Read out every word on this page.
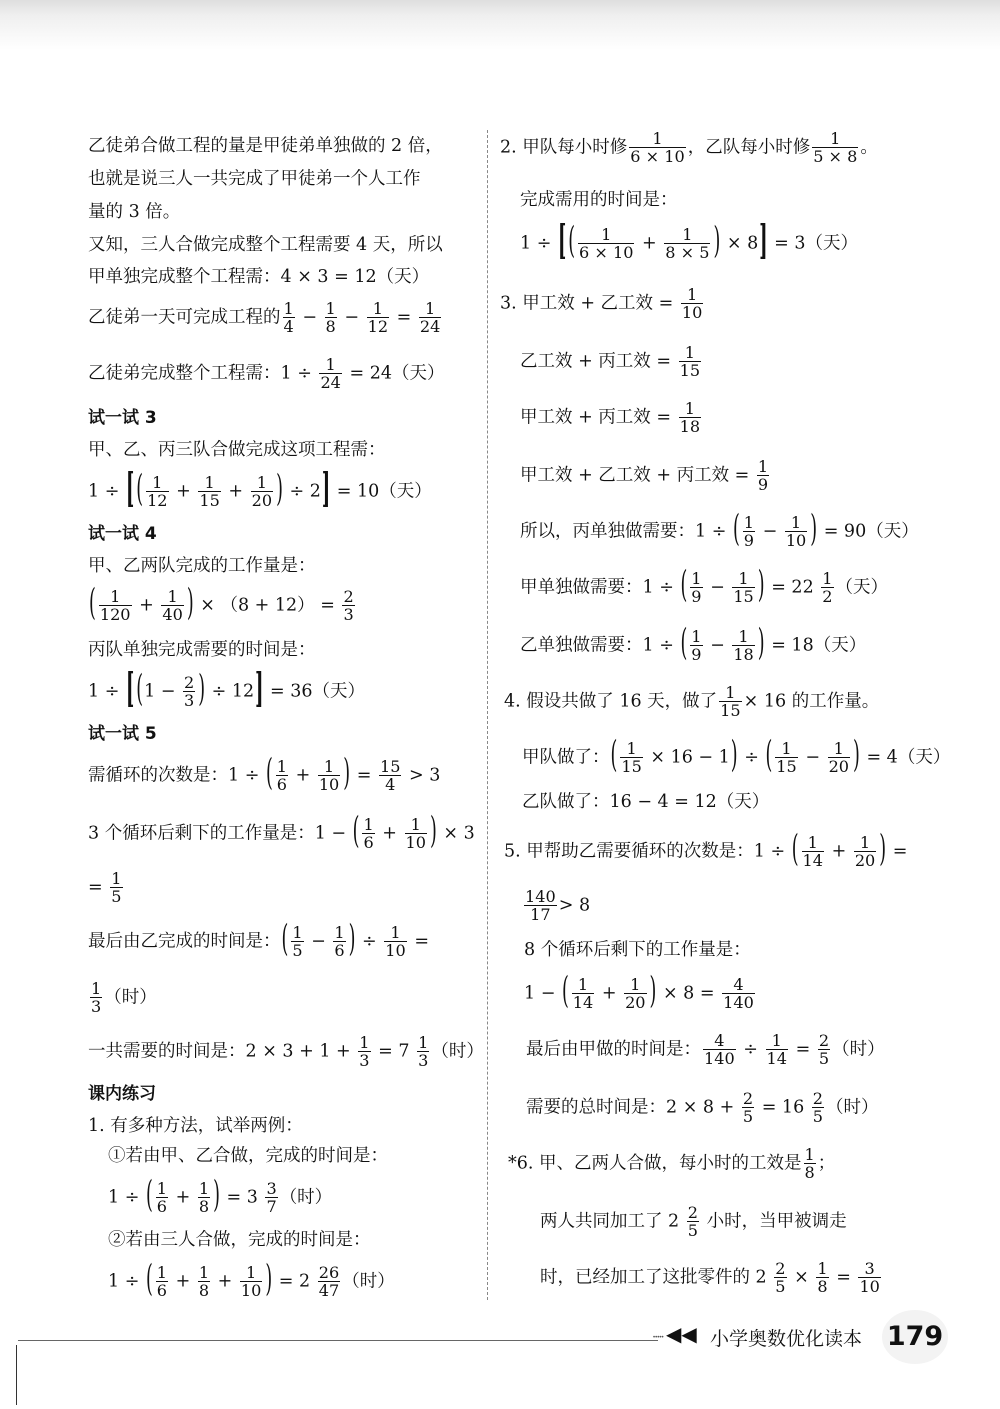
乙徒弟合做工程的量是甲徒弟单独做的 2 倍，
也就是说三人一共完成了甲徒弟一个人工作
量的 3 倍。
又知，三人合做完成整个工程需要 4 天，所以
甲单独完成整个工程需：4 × 3 = 12（天）
乙徒弟一天可完成工程的 $\frac{1}{4} - \frac{1}{8} - \frac{1}{12} = \frac{1}{24}$
乙徒弟完成整个工程需：$1 \div \frac{1}{24} = 24$（天）
试一试 3
甲、乙、丙三队合做完成这项工程需：
1 ÷ [ ( $\frac{1}{12} + \frac{1}{15} + \frac{1}{20}$ ) ÷ 2] = 10（天）
试一试 4
甲、乙两队完成的工作量是：
( $\frac{1}{120} + \frac{1}{40}$ ) × $(8 + 12) = \frac{2}{3}$
丙队单独完成需要的时间是：
1 ÷ [ ($1 - \frac{2}{3}$ ) ÷ 12] = 36（天）
试一试 5
需循环的次数是：1 ÷ ( $\frac{1}{6} + \frac{1}{10}$ ) = $\frac{15}{4} > 3$
3 个循环后剩下的工作量是：1 − ( $\frac{1}{6} + \frac{1}{10}$ ) × 3
= $\frac{1}{5}$
最后由乙完成的时间是：( $\frac{1}{5} - \frac{1}{6}$ ) ÷ $\frac{1}{10}$ =
$\frac{1}{3}$ （时）
一共需要的时间是：$2 \times 3 + 1 + \frac{1}{3} = 7 \frac{1}{3}$ （时）
课内练习
1. 有多种方法，试举两例：
①若由甲、乙合做，完成的时间是：
1 ÷ ( $\frac{1}{6} + \frac{1}{8}$ ) = $3 \frac{3}{7}$ （时）
②若由三人合做，完成的时间是：
1 ÷ ( $\frac{1}{6} + \frac{1}{8} + \frac{1}{10}$ ) = $2 \frac{26}{47}$ （时）
2. 甲队每小时修 $\frac{1}{6 \times 10}$ ，乙队每小时修 $\frac{1}{5 \times 8}$ 。
完成需用的时间是：
1 ÷ [ ( $\frac{1}{6 \times 10} + \frac{1}{8 \times 5}$ ) × 8] = 3（天）
3. 甲工效 + 乙工效 = $\frac{1}{10}$
乙工效 + 丙工效 = $\frac{1}{15}$
甲工效 + 丙工效 = $\frac{1}{18}$
甲工效 + 乙工效 + 丙工效 = $\frac{1}{9}$
所以，丙单独做需要：1 ÷ ( $\frac{1}{9} - \frac{1}{10}$ ) = 90（天）
甲单独做需要：1 ÷ ( $\frac{1}{9} - \frac{1}{15}$ ) = $22 \frac{1}{2}$ （天）
乙单独做需要：1 ÷ ( $\frac{1}{9} - \frac{1}{18}$ ) = 18（天）
4. 假设共做了 16 天，做了 $\frac{1}{15} \times 16$ 的工作量。
甲队做了：( $\frac{1}{15} \times 16 - 1$) ÷ ( $\frac{1}{15} - \frac{1}{20}$ ) = 4（天）
乙队做了：16 − 4 = 12（天）
5. 甲帮助乙需要循环的次数是：1 ÷ ( $\frac{1}{14} + \frac{1}{20}$ ) =
$\frac{140}{17} > 8$
8 个循环后剩下的工作量是：
1 − ( $\frac{1}{14} + \frac{1}{20}$ ) × $8 = \frac{4}{140}$
最后由甲做的时间是： $\frac{4}{140} \div \frac{1}{14} = \frac{2}{5}$ （时）
需要的总时间是：$2 \times 8 + \frac{2}{5} = 16 \frac{2}{5}$ （时）
*6. 甲、乙两人合做，每小时的工效是 $\frac{1}{8}$ ；
两人共同加工了 $2 \frac{2}{5}$ 小时，当甲被调走
时，已经加工了这批零件的 $2 \frac{2}{5} \times \frac{1}{8} = \frac{3}{10}$
····· ◀◀ 小学奥数优化读本 179
